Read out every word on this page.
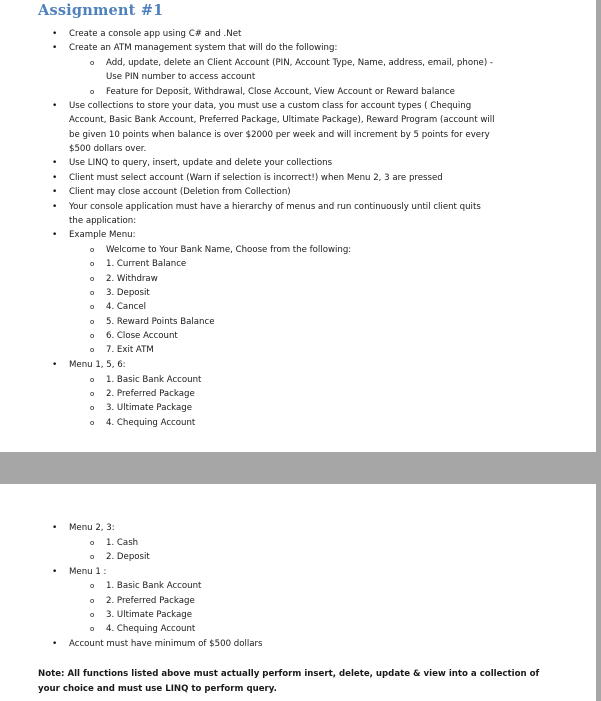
Assignment #1
• Create a console app using C# and .Net
• Create an ATM management system that will do the following:
o Add, update, delete an Client Account (PIN, Account Type, Name, address, email, phone) -
Use PIN number to access account
o Feature for Deposit, Withdrawal, Close Account, View Account or Reward balance
• Use collections to store your data, you must use a custom class for account types ( Chequing
Account, Basic Bank Account, Preferred Package, Ultimate Package), Reward Program (account will
be given 10 points when balance is over $2000 per week and will increment by 5 points for every
$500 dollars over.
• Use LINQ to query, insert, update and delete your collections
• Client must select account (Warn if selection is incorrect!) when Menu 2, 3 are pressed
• Client may close account (Deletion from Collection)
• Your console application must have a hierarchy of menus and run continuously until client quits
the application:
• Example Menu:
o Welcome to Your Bank Name, Choose from the following:
o 1. Current Balance
o 2. Withdraw
o 3. Deposit
o 4. Cancel
o 5. Reward Points Balance
o 6. Close Account
o 7. Exit ATM
• Menu 1, 5, 6:
o 1. Basic Bank Account
o 2. Preferred Package
o 3. Ultimate Package
o 4. Chequing Account
• Menu 2, 3:
o 1. Cash
o 2. Deposit
• Menu 1 :
o 1. Basic Bank Account
o 2. Preferred Package
o 3. Ultimate Package
o 4. Chequing Account
• Account must have minimum of $500 dollars
Note: All functions listed above must actually perform insert, delete, update & view into a collection of
your choice and must use LINQ to perform query.
